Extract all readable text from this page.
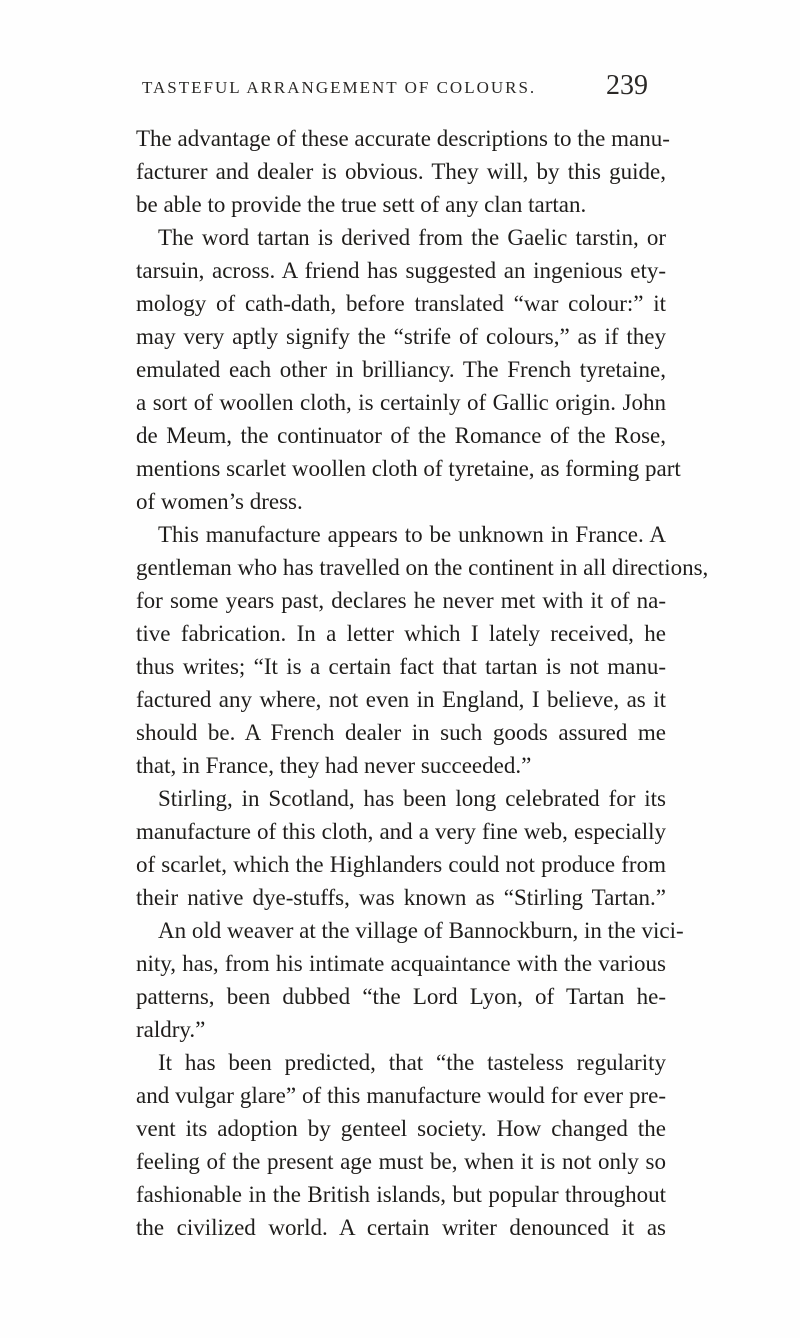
TASTEFUL ARRANGEMENT OF COLOURS.	239
The advantage of these accurate descriptions to the manu-
facturer and dealer is obvious. They will, by this guide,
be able to provide the true sett of any clan tartan.
The word tartan is derived from the Gaelic tarstin, or
tarsuin, across. A friend has suggested an ingenious ety-
mology of cath-dath, before translated “war colour:” it
may very aptly signify the “strife of colours,” as if they
emulated each other in brilliancy. The French tyretaine,
a sort of woollen cloth, is certainly of Gallic origin. John
de Meum, the continuator of the Romance of the Rose,
mentions scarlet woollen cloth of tyretaine, as forming part
of women’s dress.
This manufacture appears to be unknown in France. A
gentleman who has travelled on the continent in all directions,
for some years past, declares he never met with it of na-
tive fabrication. In a letter which I lately received, he
thus writes; “It is a certain fact that tartan is not manu-
factured any where, not even in England, I believe, as it
should be. A French dealer in such goods assured me
that, in France, they had never succeeded.”
Stirling, in Scotland, has been long celebrated for its
manufacture of this cloth, and a very fine web, especially
of scarlet, which the Highlanders could not produce from
their native dye-stuffs, was known as “Stirling Tartan.”
An old weaver at the village of Bannockburn, in the vici-
nity, has, from his intimate acquaintance with the various
patterns, been dubbed “the Lord Lyon, of Tartan he-
raldry.”
It has been predicted, that “the tasteless regularity
and vulgar glare” of this manufacture would for ever pre-
vent its adoption by genteel society. How changed the
feeling of the present age must be, when it is not only so
fashionable in the British islands, but popular throughout
the civilized world. A certain writer denounced it as
